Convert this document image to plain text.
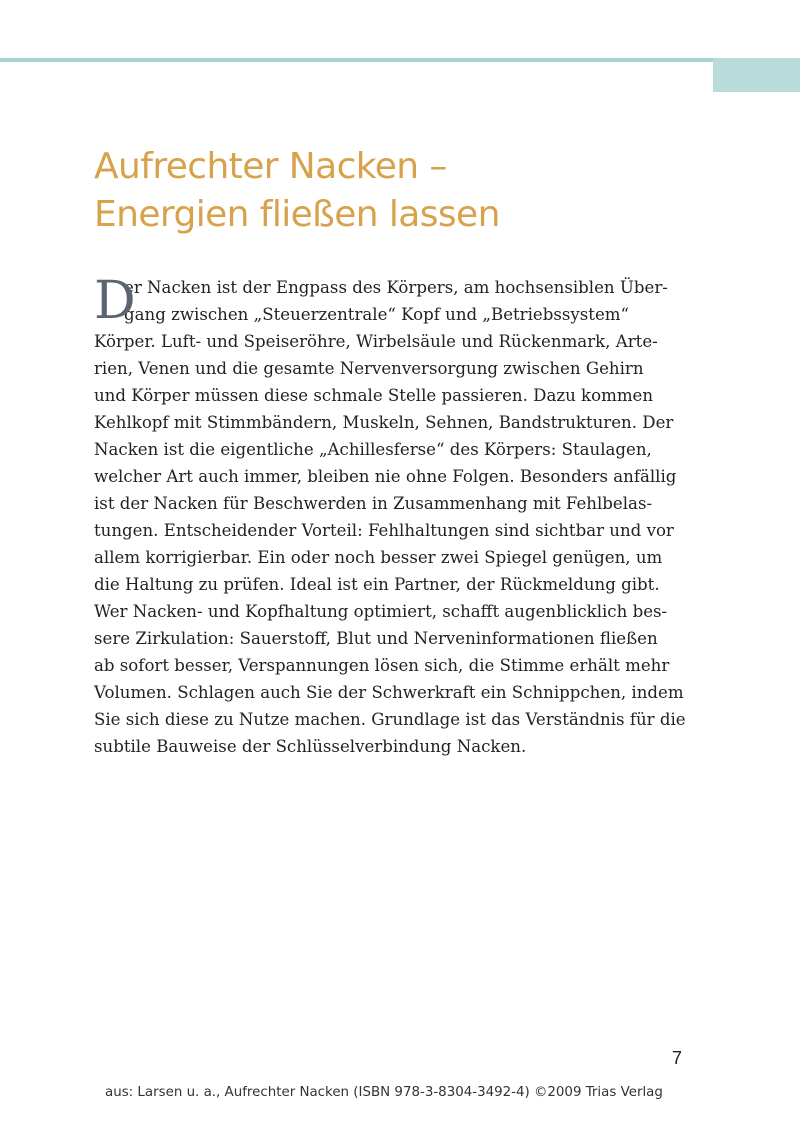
Aufrechter Nacken –
Energien fließen lassen
D
er Nacken ist der Engpass des Körpers, am hochsensiblen Über-
gang zwischen „Steuerzentrale“ Kopf und „Betriebssystem“
Körper. Luft- und Speiseröhre, Wirbelsäule und Rückenmark, Arte-
rien, Venen und die gesamte Nervenversorgung zwischen Gehirn
und Körper müssen diese schmale Stelle passieren. Dazu kommen
Kehlkopf mit Stimmbändern, Muskeln, Sehnen, Bandstrukturen. Der
Nacken ist die eigentliche „Achillesferse“ des Körpers: Staulagen,
welcher Art auch immer, bleiben nie ohne Folgen. Besonders anfällig
ist der Nacken für Beschwerden in Zusammenhang mit Fehlbelas-
tungen. Entscheidender Vorteil: Fehlhaltungen sind sichtbar und vor
allem korrigierbar. Ein oder noch besser zwei Spiegel genügen, um
die Haltung zu prüfen. Ideal ist ein Partner, der Rückmeldung gibt.
Wer Nacken- und Kopfhaltung optimiert, schafft augenblicklich bes-
sere Zirkulation: Sauerstoff, Blut und Nerveninformationen fließen
ab sofort besser, Verspannungen lösen sich, die Stimme erhält mehr
Volumen. Schlagen auch Sie der Schwerkraft ein Schnippchen, indem
Sie sich diese zu Nutze machen. Grundlage ist das Verständnis für die
subtile Bauweise der Schlüsselverbindung Nacken.
7
aus: Larsen u. a., Aufrechter Nacken (ISBN 978-3-8304-3492-4) ©2009 Trias Verlag
